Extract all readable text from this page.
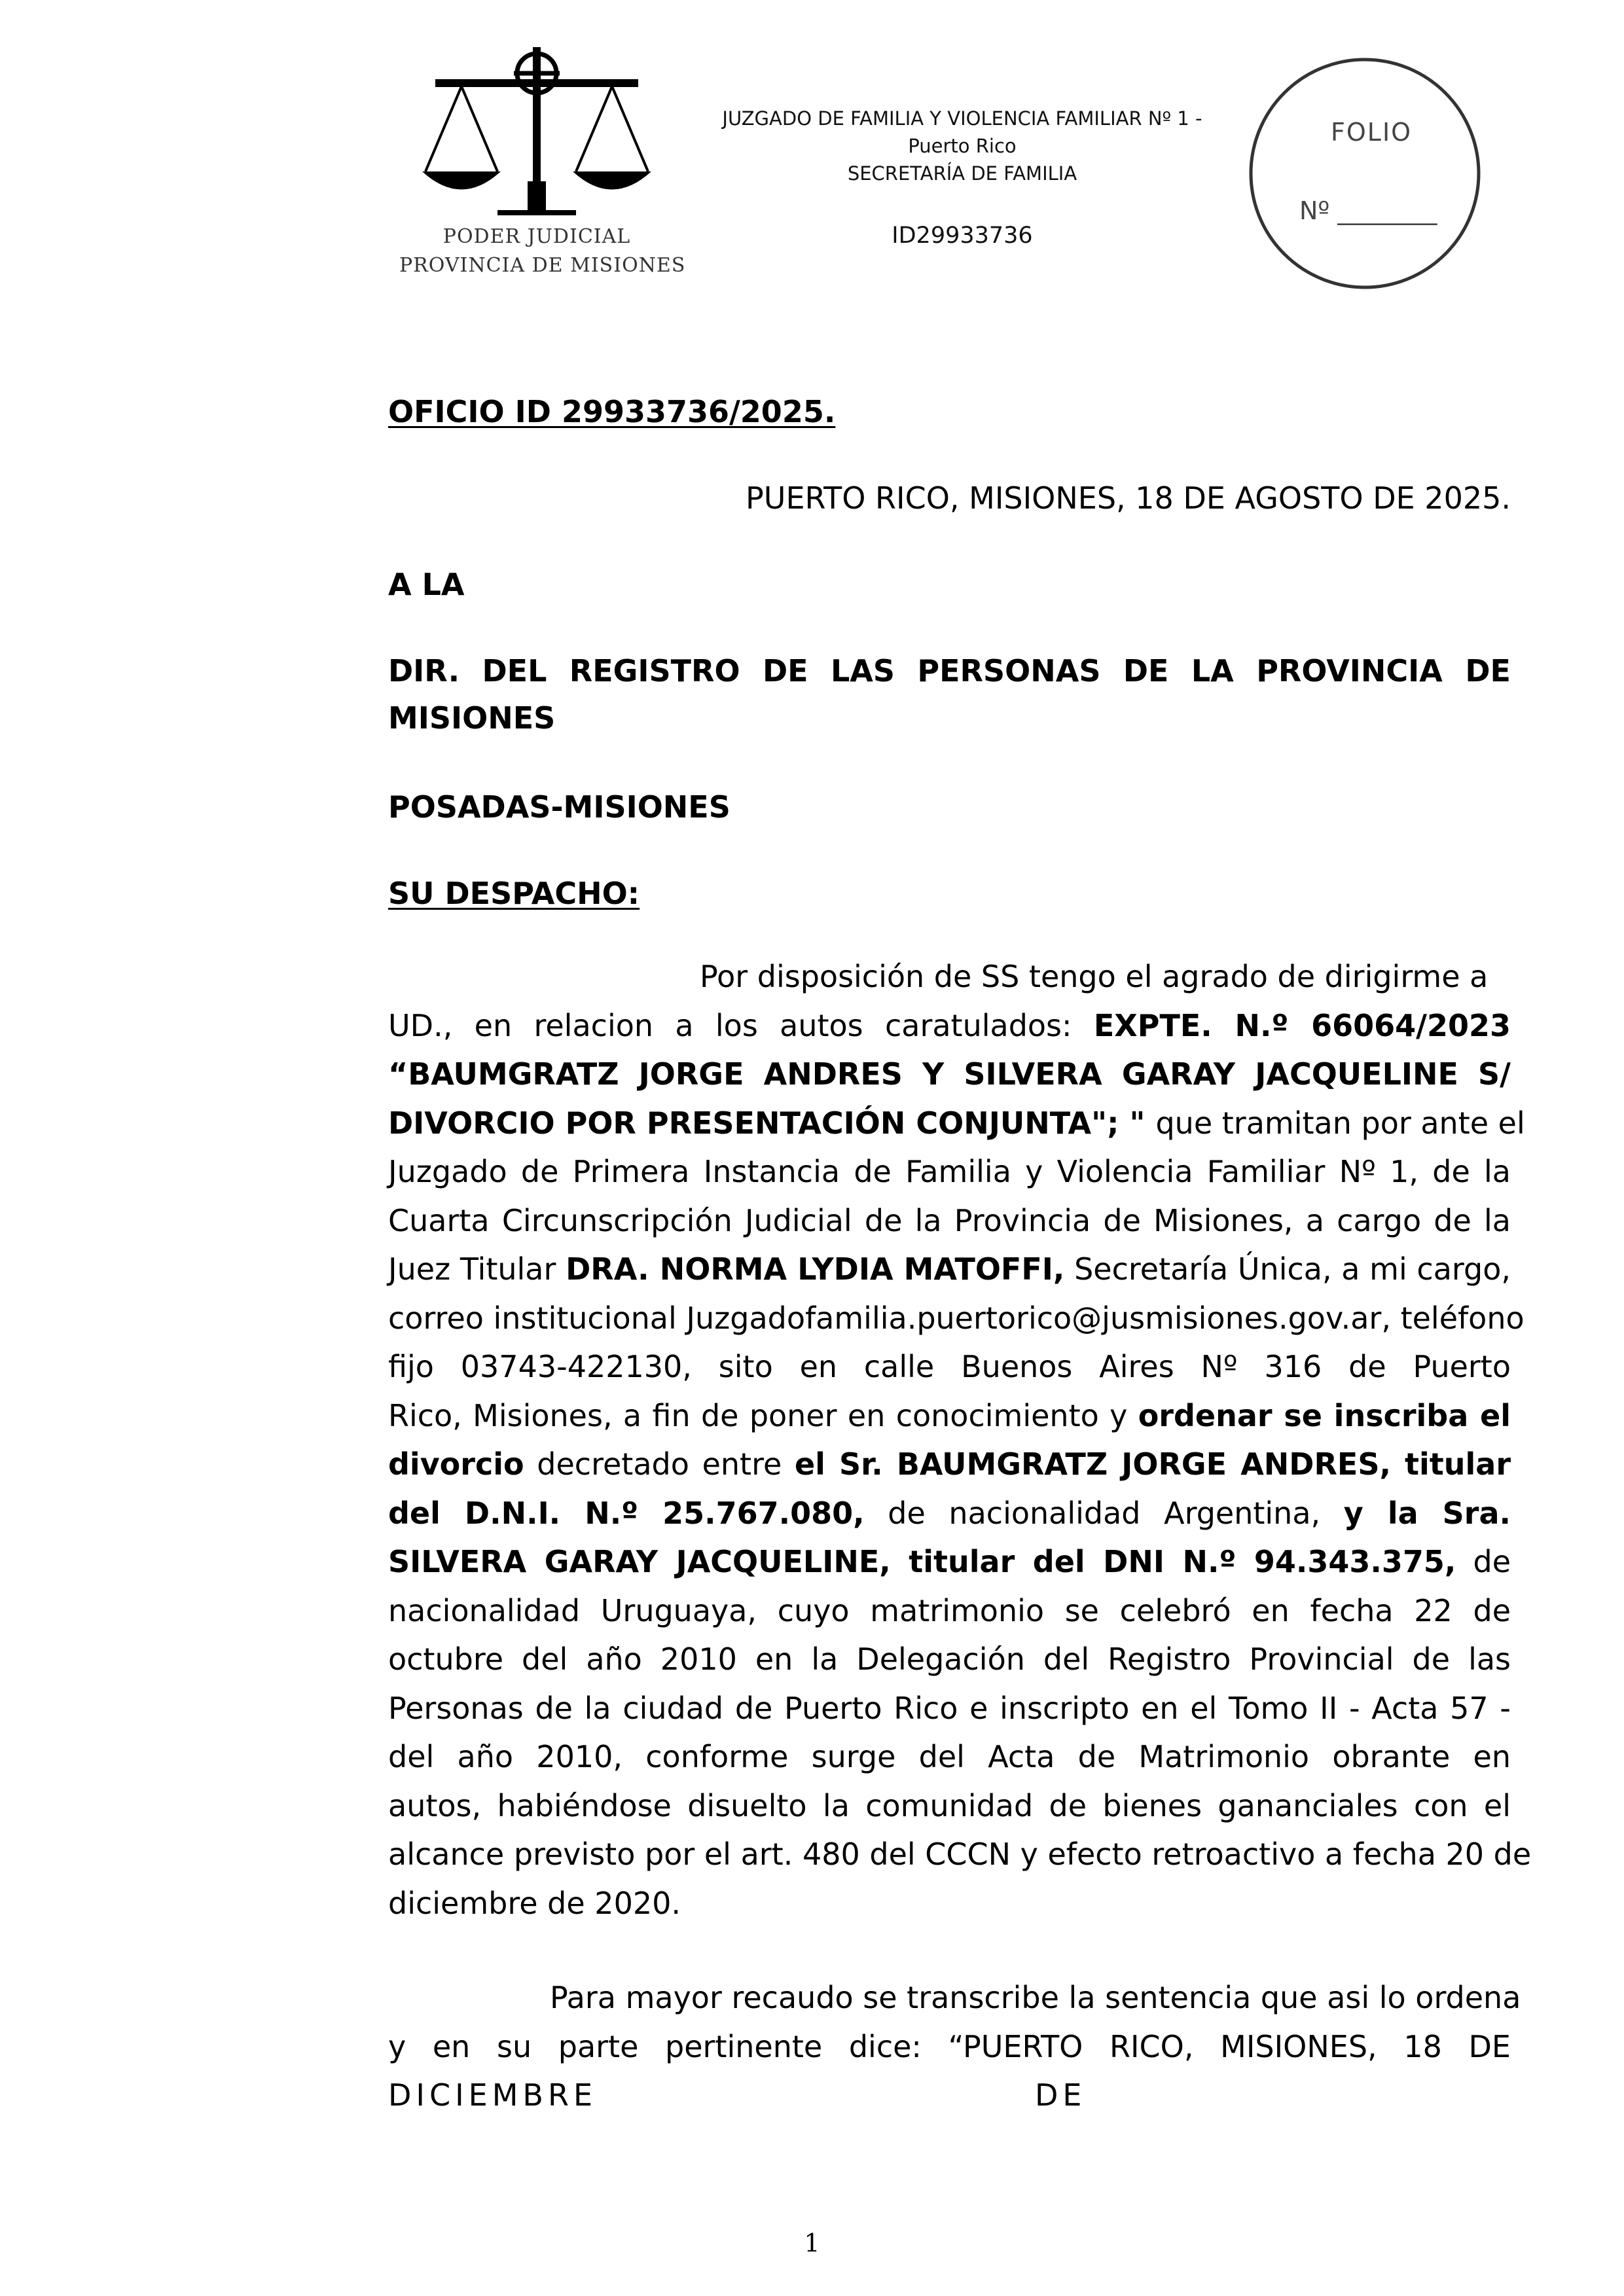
PODER JUDICIAL
PROVINCIA DE MISIONES
JUZGADO DE FAMILIA Y VIOLENCIA FAMILIAR Nº 1 -
Puerto Rico
SECRETARÍA DE FAMILIA
ID29933736
FOLIO
Nº ________
OFICIO ID 29933736/2025.
PUERTO RICO, MISIONES, 18 DE AGOSTO DE 2025.
A LA
DIR. DEL REGISTRO DE LAS PERSONAS DE LA PROVINCIA DE
MISIONES
POSADAS-MISIONES
SU DESPACHO:
Por disposición de SS tengo el agrado de dirigirme a
UD., en relacion a los autos caratulados: EXPTE. N.º 66064/2023
“BAUMGRATZ JORGE ANDRES Y SILVERA GARAY JACQUELINE S/
DIVORCIO POR PRESENTACIÓN CONJUNTA"; " que tramitan por ante el
Juzgado de Primera Instancia de Familia y Violencia Familiar Nº 1, de la
Cuarta Circunscripción Judicial de la Provincia de Misiones, a cargo de la
Juez Titular DRA. NORMA LYDIA MATOFFI, Secretaría Única, a mi cargo,
correo institucional Juzgadofamilia.puertorico@jusmisiones.gov.ar, teléfono
fijo 03743-422130, sito en calle Buenos Aires Nº 316 de Puerto
Rico, Misiones, a fin de poner en conocimiento y ordenar se inscriba el
divorcio decretado entre el Sr. BAUMGRATZ JORGE ANDRES, titular
del D.N.I. N.º 25.767.080, de nacionalidad Argentina, y la Sra.
SILVERA GARAY JACQUELINE, titular del DNI N.º 94.343.375, de
nacionalidad Uruguaya, cuyo matrimonio se celebró en fecha 22 de
octubre del año 2010 en la Delegación del Registro Provincial de las
Personas de la ciudad de Puerto Rico e inscripto en el Tomo II - Acta 57 -
del año 2010, conforme surge del Acta de Matrimonio obrante en
autos, habiéndose disuelto la comunidad de bienes gananciales con el
alcance previsto por el art. 480 del CCCN y efecto retroactivo a fecha 20 de
diciembre de 2020.
Para mayor recaudo se transcribe la sentencia que asi lo ordena
y en su parte pertinente dice: “PUERTO RICO, MISIONES, 18 DE
DICIEMBRE	DE
1
